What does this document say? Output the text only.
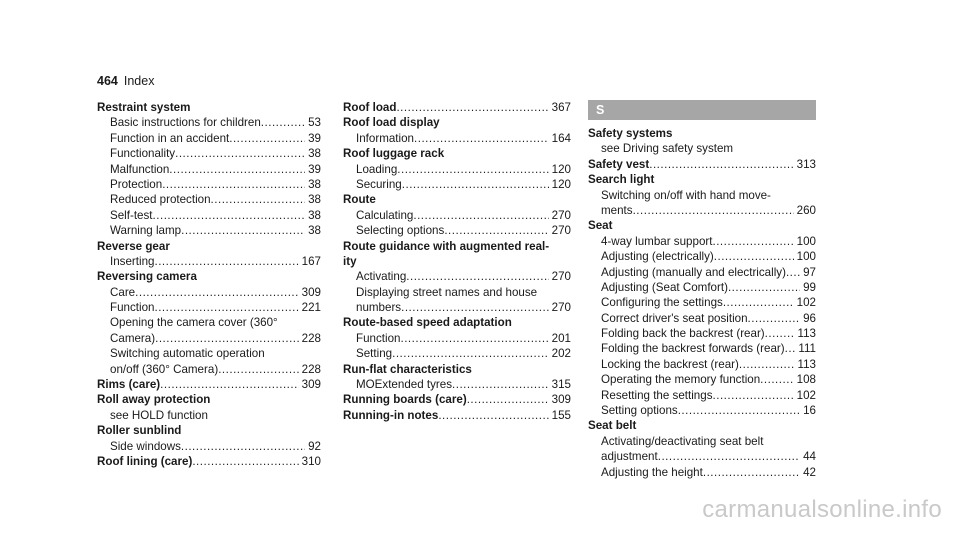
464 Index
Restraint system
Basic instructions for children .....	53
Function in an accident .....	39
Functionality .....	38
Malfunction .....	39
Protection .....	38
Reduced protection .....	38
Self-test .....	38
Warning lamp .....	38
Reverse gear
Inserting .....	167
Reversing camera
Care .....	309
Function .....	221
Opening the camera cover (360°
Camera) .....	228
Switching automatic operation
on/off (360° Camera) .....	228
Rims (care) .....	309
Roll away protection
see HOLD function
Roller sunblind
Side windows .....	92
Roof lining (care) .....	310
Roof load .....	367
Roof load display
Information .....	164
Roof luggage rack
Loading .....	120
Securing .....	120
Route
Calculating .....	270
Selecting options .....	270
Route guidance with augmented real-
ity
Activating .....	270
Displaying street names and house
numbers .....	270
Route-based speed adaptation
Function .....	201
Setting .....	202
Run-flat characteristics
MOExtended tyres .....	315
Running boards (care) .....	309
Running-in notes .....	155
S
Safety systems
see Driving safety system
Safety vest .....	313
Search light
Switching on/off with hand move-
ments .....	260
Seat
4-way lumbar support .....	100
Adjusting (electrically) .....	100
Adjusting (manually and electrically) ..... 97
Adjusting (Seat Comfort) .....	99
Configuring the settings .....	102
Correct driver's seat position .....	96
Folding back the backrest (rear) .....	113
Folding the backrest forwards (rear) ..... 111
Locking the backrest (rear) .....	113
Operating the memory function .....	108
Resetting the settings .....	102
Setting options .....	16
Seat belt
Activating/deactivating seat belt
adjustment .....	44
Adjusting the height .....	42
carmanualsonline.info
